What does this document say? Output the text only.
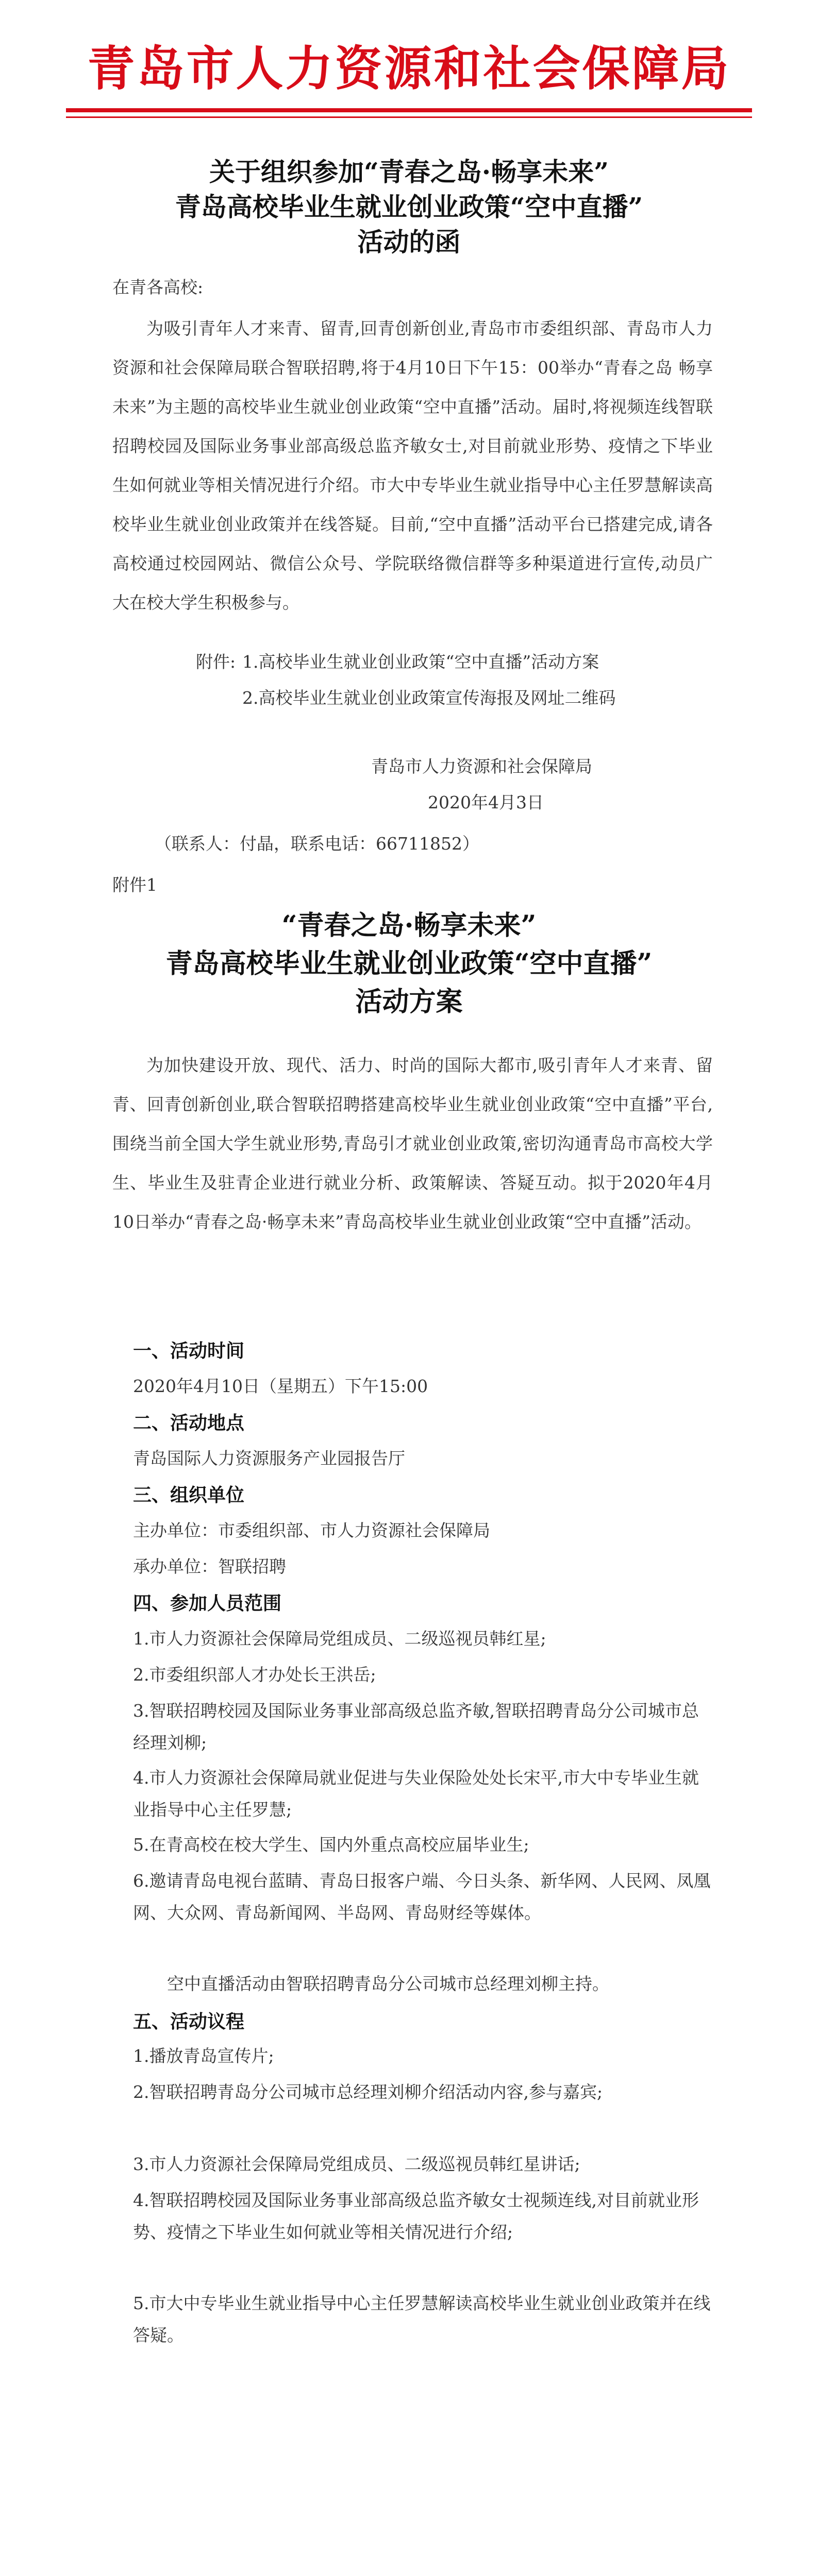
青岛市人力资源和社会保障局
关于组织参加“青春之岛·畅享未来”
青岛高校毕业生就业创业政策“空中直播”
活动的函
在青各高校:
为吸引青年人才来青、留青,回青创新创业,青岛市市委组织部、青岛市人力资源和社会保障局联合智联招聘,将于4月10日下午15：00举办“青春之岛 畅享未来”为主题的高校毕业生就业创业政策“空中直播”活动。届时,将视频连线智联招聘校园及国际业务事业部高级总监齐敏女士,对目前就业形势、疫情之下毕业生如何就业等相关情况进行介绍。市大中专毕业生就业指导中心主任罗慧解读高校毕业生就业创业政策并在线答疑。目前,“空中直播”活动平台已搭建完成,请各高校通过校园网站、微信公众号、学院联络微信群等多种渠道进行宣传,动员广大在校大学生积极参与。
附件: 1.高校毕业生就业创业政策“空中直播”活动方案
2.高校毕业生就业创业政策宣传海报及网址二维码
青岛市人力资源和社会保障局
2020年4月3日
（联系人：付晶，联系电话：66711852）
附件1
“青春之岛·畅享未来”
青岛高校毕业生就业创业政策“空中直播”
活动方案
为加快建设开放、现代、活力、时尚的国际大都市,吸引青年人才来青、留青、回青创新创业,联合智联招聘搭建高校毕业生就业创业政策“空中直播”平台,围绕当前全国大学生就业形势,青岛引才就业创业政策,密切沟通青岛市高校大学生、毕业生及驻青企业进行就业分析、政策解读、答疑互动。拟于2020年4月10日举办“青春之岛·畅享未来”青岛高校毕业生就业创业政策“空中直播”活动。
一、活动时间
2020年4月10日（星期五）下午15:00
二、活动地点
青岛国际人力资源服务产业园报告厅
三、组织单位
主办单位：市委组织部、市人力资源社会保障局
承办单位：智联招聘
四、参加人员范围
1.市人力资源社会保障局党组成员、二级巡视员韩红星;
2.市委组织部人才办处长王洪岳;
3.智联招聘校园及国际业务事业部高级总监齐敏,智联招聘青岛分公司城市总经理刘柳;
4.市人力资源社会保障局就业促进与失业保险处处长宋平,市大中专毕业生就业指导中心主任罗慧;
5.在青高校在校大学生、国内外重点高校应届毕业生;
6.邀请青岛电视台蓝睛、青岛日报客户端、今日头条、新华网、人民网、凤凰网、大众网、青岛新闻网、半岛网、青岛财经等媒体。
空中直播活动由智联招聘青岛分公司城市总经理刘柳主持。
五、活动议程
1.播放青岛宣传片;
2.智联招聘青岛分公司城市总经理刘柳介绍活动内容,参与嘉宾;
3.市人力资源社会保障局党组成员、二级巡视员韩红星讲话;
4.智联招聘校园及国际业务事业部高级总监齐敏女士视频连线,对目前就业形势、疫情之下毕业生如何就业等相关情况进行介绍;
5.市大中专毕业生就业指导中心主任罗慧解读高校毕业生就业创业政策并在线答疑。
